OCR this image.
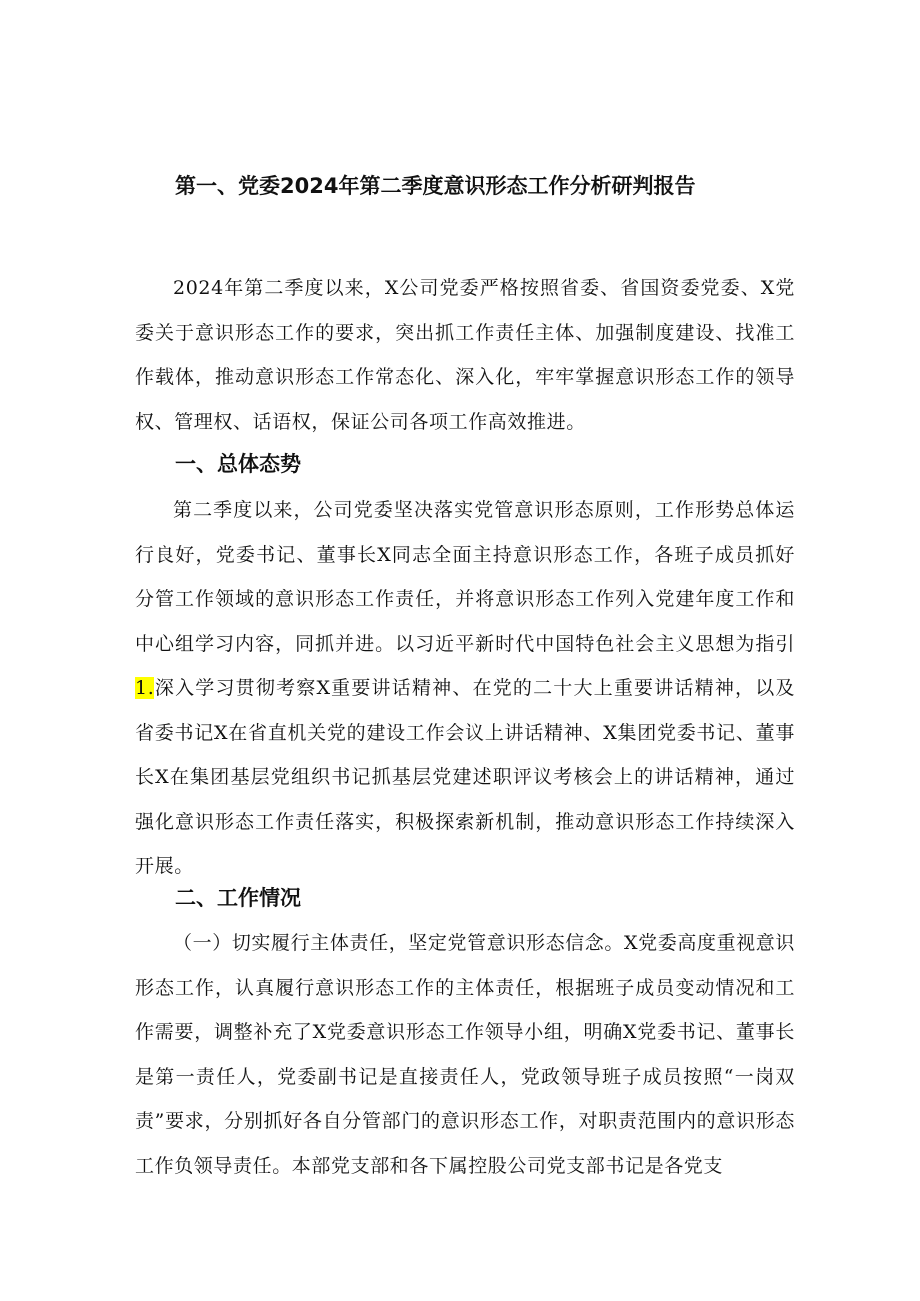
第一、党委2024年第二季度意识形态工作分析研判报告

2024年第二季度以来，X公司党委严格按照省委、省国资委党委、X党委关于意识形态工作的要求，突出抓工作责任主体、加强制度建设、找准工作载体，推动意识形态工作常态化、深入化，牢牢掌握意识形态工作的领导权、管理权、话语权，保证公司各项工作高效推进。

一、总体态势

第二季度以来，公司党委坚决落实党管意识形态原则，工作形势总体运行良好，党委书记、董事长X同志全面主持意识形态工作，各班子成员抓好分管工作领域的意识形态工作责任，并将意识形态工作列入党建年度工作和中心组学习内容，同抓并进。以习近平新时代中国特色社会主义思想为指引1.深入学习贯彻考察X重要讲话精神、在党的二十大上重要讲话精神，以及省委书记X在省直机关党的建设工作会议上讲话精神、X集团党委书记、董事长X在集团基层党组织书记抓基层党建述职评议考核会上的讲话精神，通过强化意识形态工作责任落实，积极探索新机制，推动意识形态工作持续深入开展。

二、工作情况

（一）切实履行主体责任，坚定党管意识形态信念。X党委高度重视意识形态工作，认真履行意识形态工作的主体责任，根据班子成员变动情况和工作需要，调整补充了X党委意识形态工作领导小组，明确X党委书记、董事长是第一责任人，党委副书记是直接责任人，党政领导班子成员按照“一岗双责”要求，分别抓好各自分管部门的意识形态工作，对职责范围内的意识形态工作负领导责任。本部党支部和各下属控股公司党支部书记是各党支
